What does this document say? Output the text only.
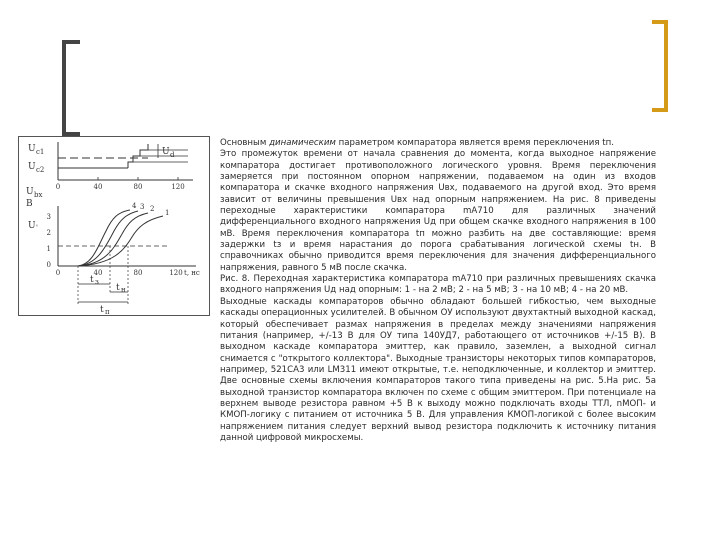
U c1
U c2
U d
0	40	80	120
U bx
B
U '
3
2
1
0
4 3 2 1
0	40	80	120 t, нс
t з
t н
t п

Основным динамическим параметром компаратора является время переключения tп.

Это промежуток времени от начала сравнения до момента, когда выходное напряжение компаратора достигает противоположного логического уровня. Время переключения замеряется при постоянном опорном напряжении, подаваемом на один из входов компаратора и скачке входного напряжения Uвх, подаваемого на другой вход. Это время зависит от величины превышения Uвх над опорным напряжением. На рис. 8 приведены переходные характеристики компаратора mA710 для различных значений дифференциального входного напряжения Uд при общем скачке входного напряжения в 100 мВ. Время переключения компаратора tп можно разбить на две составляющие: время задержки tз и время нарастания до порога срабатывания логической схемы tн. В справочниках обычно приводится время переключения для значения дифференциального напряжения, равного 5 мВ после скачка.

Рис. 8. Переходная характеристика компаратора mA710 при различных превышениях скачка входного напряжения Uд над опорным: 1 - на 2 мВ; 2 - на 5 мВ; 3 - на 10 мВ; 4 - на 20 мВ.

Выходные каскады компараторов обычно обладают большей гибкостью, чем выходные каскады операционных усилителей. В обычном ОУ используют двухтактный выходной каскад, который обеспечивает размах напряжения в пределах между значениями напряжения питания (например, +/-13 В для ОУ типа 140УД7, работающего от источников +/-15 В). В выходном каскаде компаратора эмиттер, как правило, заземлен, а выходной сигнал снимается с "открытого коллектора". Выходные транзисторы некоторых типов компараторов, например, 521СА3 или LM311 имеют открытые, т.е. неподключенные, и коллектор и эмиттер. Две основные схемы включения компараторов такого типа приведены на рис. 5.На рис. 5а выходной транзистор компаратора включен по схеме с общим эмиттером. При потенциале на верхнем выводе резистора равном +5 В к выходу можно подключать входы ТТЛ, nМОП- и КМОП-логику с питанием от источника 5 В. Для управления КМОП-логикой с более высоким напряжением питания следует верхний вывод резистора подключить к источнику питания данной цифровой микросхемы.
